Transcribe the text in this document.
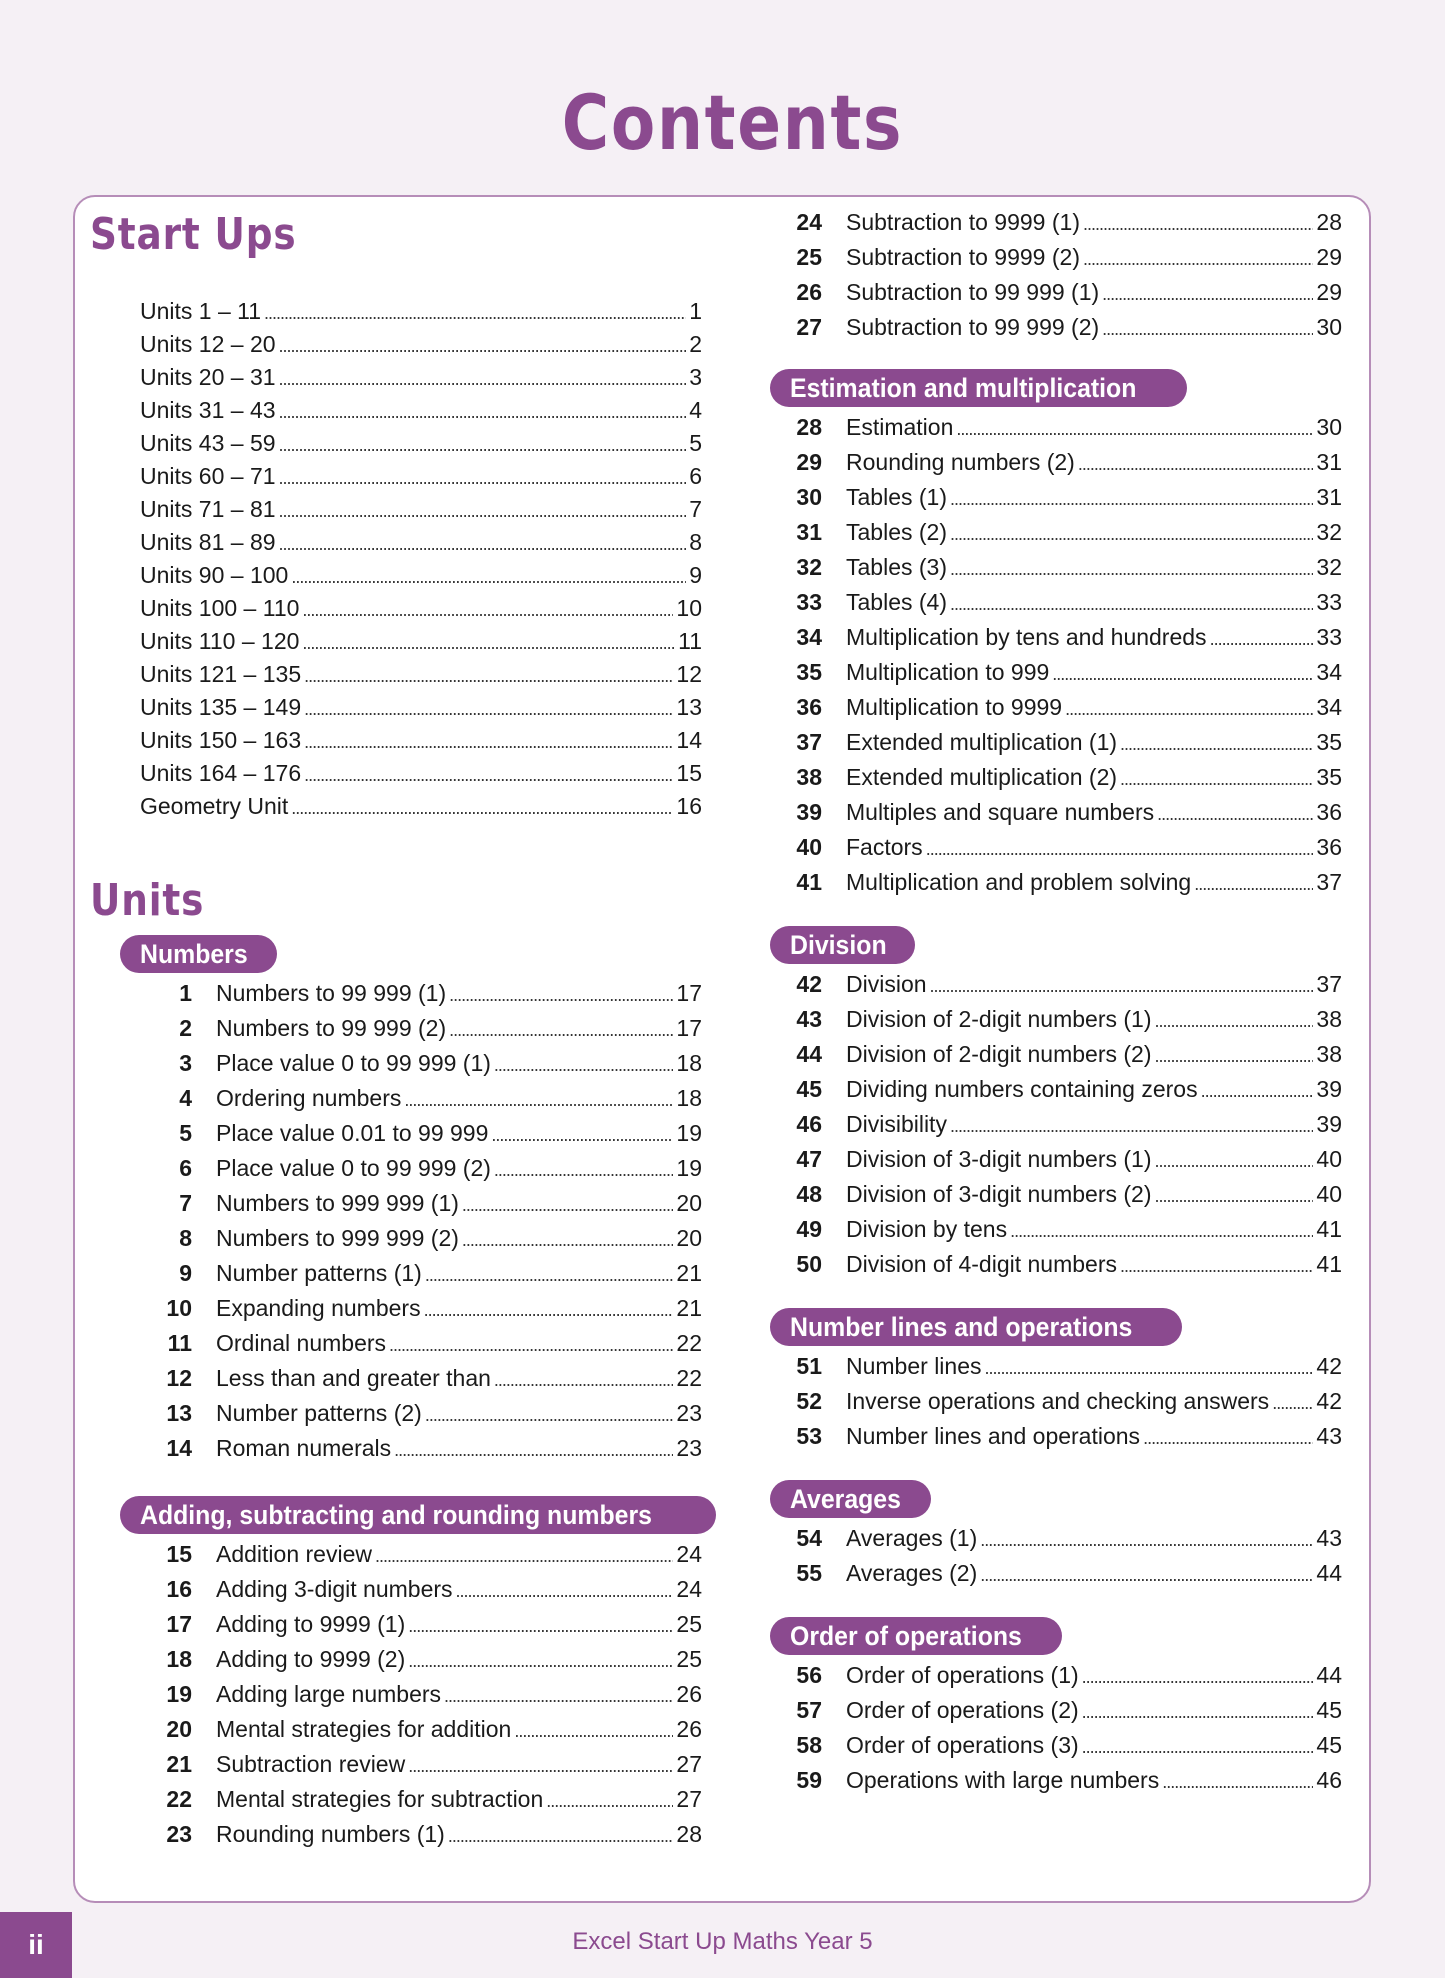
Contents
Start Ups
Units 1 – 11 . . .	1
Units 12 – 20 . . .	2
Units 20 – 31 . . .	3
Units 31 – 43 . . .	4
Units 43 – 59 . . .	5
Units 60 – 71 . . .	6
Units 71 – 81 . . .	7
Units 81 – 89 . . .	8
Units 90 – 100 . . .	9
Units 100 – 110 . . .	10
Units 110 – 120 . . .	11
Units 121 – 135 . . .	12
Units 135 – 149 . . .	13
Units 150 – 163 . . .	14
Units 164 – 176 . . .	15
Geometry Unit . . .	16
Units
Numbers
1	Numbers to 99 999 (1) . . .	17
2	Numbers to 99 999 (2) . . .	17
3	Place value 0 to 99 999 (1) . . .	18
4	Ordering numbers . . .	18
5	Place value 0.01 to 99 999 . . .	19
6	Place value 0 to 99 999 (2) . . .	19
7	Numbers to 999 999 (1) . . .	20
8	Numbers to 999 999 (2) . . .	20
9	Number patterns (1) . . .	21
10	Expanding numbers . . .	21
11	Ordinal numbers . . .	22
12	Less than and greater than . . .	22
13	Number patterns (2) . . .	23
14	Roman numerals . . .	23
Adding, subtracting and rounding numbers
15	Addition review . . .	24
16	Adding 3-digit numbers . . .	24
17	Adding to 9999 (1) . . .	25
18	Adding to 9999 (2) . . .	25
19	Adding large numbers . . .	26
20	Mental strategies for addition . . .	26
21	Subtraction review . . .	27
22	Mental strategies for subtraction . . .	27
23	Rounding numbers (1) . . .	28
24	Subtraction to 9999 (1) . . .	28
25	Subtraction to 9999 (2) . . .	29
26	Subtraction to 99 999 (1) . . .	29
27	Subtraction to 99 999 (2) . . .	30
Estimation and multiplication
28	Estimation . . .	30
29	Rounding numbers (2) . . .	31
30	Tables (1) . . .	31
31	Tables (2) . . .	32
32	Tables (3) . . .	32
33	Tables (4) . . .	33
34	Multiplication by tens and hundreds . . .	33
35	Multiplication to 999 . . .	34
36	Multiplication to 9999 . . .	34
37	Extended multiplication (1) . . .	35
38	Extended multiplication (2) . . .	35
39	Multiples and square numbers . . .	36
40	Factors . . .	36
41	Multiplication and problem solving . . .	37
Division
42	Division . . .	37
43	Division of 2-digit numbers (1) . . .	38
44	Division of 2-digit numbers (2) . . .	38
45	Dividing numbers containing zeros . . .	39
46	Divisibility . . .	39
47	Division of 3-digit numbers (1) . . .	40
48	Division of 3-digit numbers (2) . . .	40
49	Division by tens . . .	41
50	Division of 4-digit numbers . . .	41
Number lines and operations
51	Number lines . . .	42
52	Inverse operations and checking answers . . . 42
53	Number lines and operations . . .	43
Averages
54	Averages (1) . . .	43
55	Averages (2) . . .	44
Order of operations
56	Order of operations (1) . . .	44
57	Order of operations (2) . . .	45
58	Order of operations (3) . . .	45
59	Operations with large numbers . . .	46
ii	Excel Start Up Maths Year 5
